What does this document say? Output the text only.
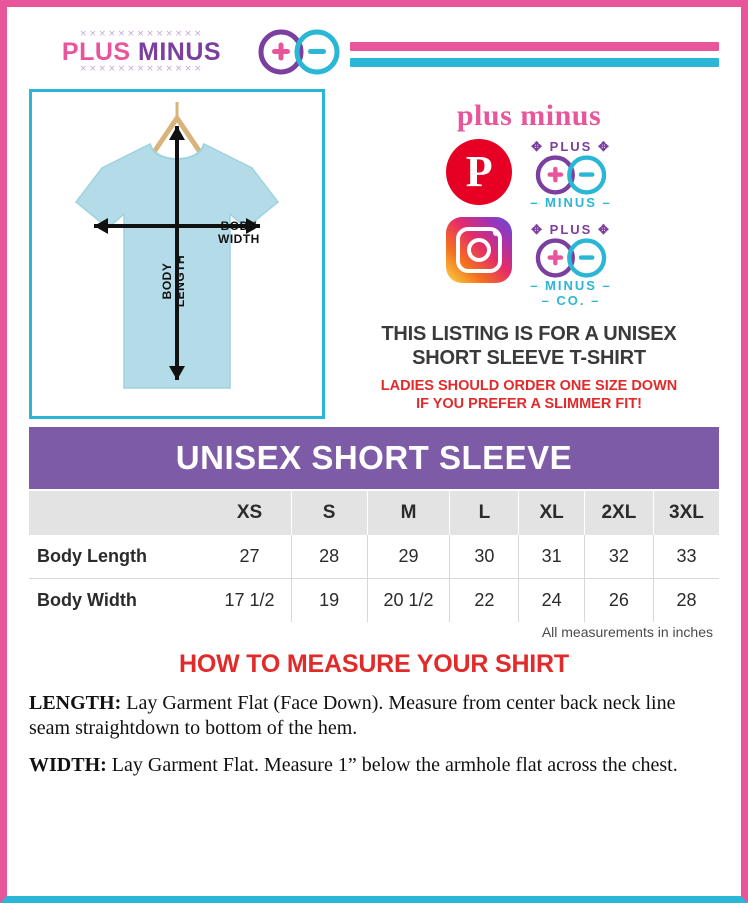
×××××××××××××
PLUS MINUS
×××××××××××××
BODY
WIDTH
BODY
LENGTH
plus minus
P
✥ PLUS ✥
– MINUS –
✥ PLUS ✥
– MINUS –
– CO. –
THIS LISTING IS FOR A UNISEX
SHORT SLEEVE T-SHIRT
LADIES SHOULD ORDER ONE SIZE DOWN
IF YOU PREFER A SLIMMER FIT!
UNISEX SHORT SLEEVE
	XS	S	M	L	XL	2XL	3XL
Body Length	27	28	29	30	31	32	33
Body Width	17 1/2	19	20 1/2	22	24	26	28
All measurements in inches
HOW TO MEASURE YOUR SHIRT
LENGTH: Lay Garment Flat (Face Down). Measure from center back neck line seam straightdown to bottom of the hem.
WIDTH: Lay Garment Flat. Measure 1” below the armhole flat across the chest.
